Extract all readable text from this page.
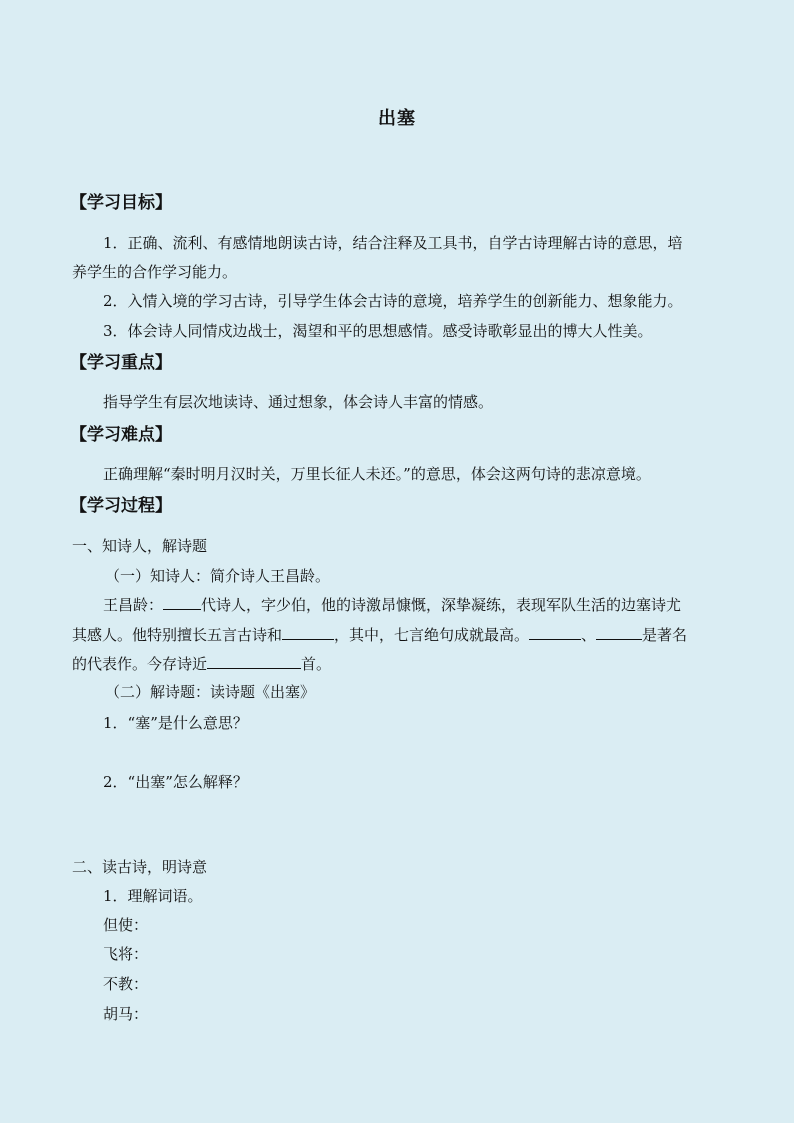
出塞
【学习目标】
1．正确、流利、有感情地朗读古诗，结合注释及工具书，自学古诗理解古诗的意思，培
养学生的合作学习能力。
2．入情入境的学习古诗，引导学生体会古诗的意境，培养学生的创新能力、想象能力。
3．体会诗人同情戍边战士，渴望和平的思想感情。感受诗歌彰显出的博大人性美。
【学习重点】
指导学生有层次地读诗、通过想象，体会诗人丰富的情感。
【学习难点】
正确理解“秦时明月汉时关，万里长征人未还。”的意思，体会这两句诗的悲凉意境。
【学习过程】
一、知诗人，解诗题
（一）知诗人：简介诗人王昌龄。
王昌龄：	代诗人，字少伯，他的诗激昂慷慨，深挚凝练，表现军队生活的边塞诗尤
其感人。他特别擅长五言古诗和	，其中，七言绝句成就最高。	、	是著名
的代表作。今存诗近	首。
（二）解诗题：读诗题《出塞》
1．“塞”是什么意思？
2．“出塞”怎么解释？
二、读古诗，明诗意
1．理解词语。
但使：
飞将：
不教：
胡马：
